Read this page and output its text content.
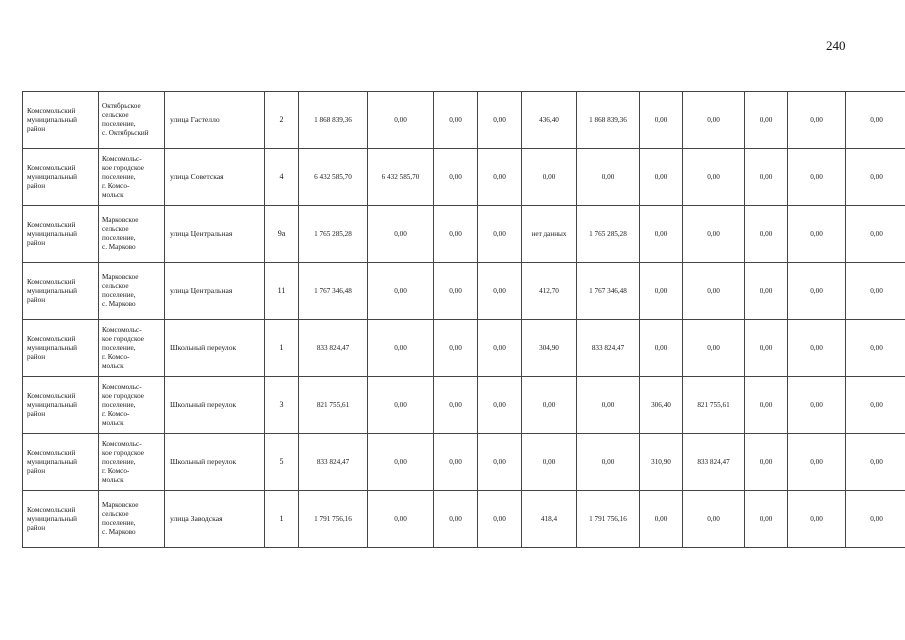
240
Комсомольский
муниципальный
район	Октябрьское
сельское
поселение,
с. Октябрьский	улица Гастелло	2	1 868 839,36	0,00	0,00	0,00	436,40	1 868 839,36	0,00	0,00	0,00	0,00	0,00
Комсомольский
муниципальный
район	Комсомольс-
кое городское
поселение,
г. Комсо-
мольск	улица Советская	4	6 432 585,70	6 432 585,70	0,00	0,00	0,00	0,00	0,00	0,00	0,00	0,00	0,00
Комсомольский
муниципальный
район	Марковское
сельское
поселение,
с. Марково	улица Центральная	9а	1 765 285,28	0,00	0,00	0,00	нет данных	1 765 285,28	0,00	0,00	0,00	0,00	0,00
Комсомольский
муниципальный
район	Марковское
сельское
поселение,
с. Марково	улица Центральная	11	1 767 346,48	0,00	0,00	0,00	412,70	1 767 346,48	0,00	0,00	0,00	0,00	0,00
Комсомольский
муниципальный
район	Комсомольс-
кое городское
поселение,
г. Комсо-
мольск	Школьный переулок	1	833 824,47	0,00	0,00	0,00	304,90	833 824,47	0,00	0,00	0,00	0,00	0,00
Комсомольский
муниципальный
район	Комсомольс-
кое городское
поселение,
г. Комсо-
мольск	Школьный переулок	3	821 755,61	0,00	0,00	0,00	0,00	0,00	306,40	821 755,61	0,00	0,00	0,00
Комсомольский
муниципальный
район	Комсомольс-
кое городское
поселение,
г. Комсо-
мольск	Школьный переулок	5	833 824,47	0,00	0,00	0,00	0,00	0,00	310,90	833 824,47	0,00	0,00	0,00
Комсомольский
муниципальный
район	Марковское
сельское
поселение,
с. Марково	улица Заводская	1	1 791 756,16	0,00	0,00	0,00	418,4	1 791 756,16	0,00	0,00	0,00	0,00	0,00
